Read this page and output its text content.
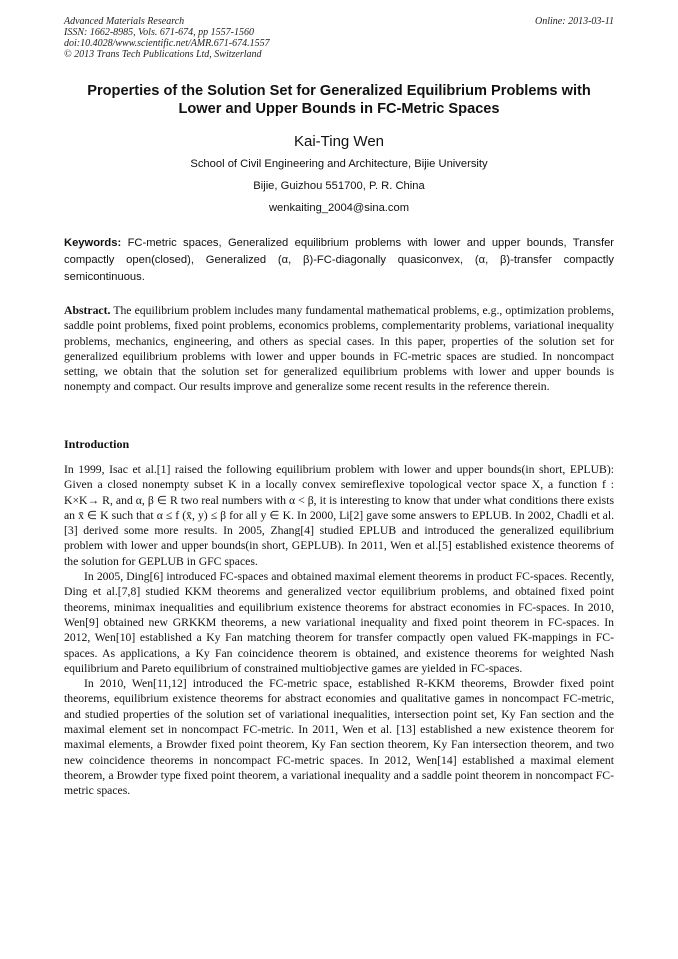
Advanced Materials Research
ISSN: 1662-8985, Vols. 671-674, pp 1557-1560
doi:10.4028/www.scientific.net/AMR.671-674.1557
© 2013 Trans Tech Publications Ltd, Switzerland
Online: 2013-03-11
Properties of the Solution Set for Generalized Equilibrium Problems with
Lower and Upper Bounds in FC-Metric Spaces
Kai-Ting Wen
School of Civil Engineering and Architecture, Bijie University
Bijie, Guizhou 551700, P. R. China
wenkaiting_2004@sina.com
Keywords: FC-metric spaces, Generalized equilibrium problems with lower and upper bounds, Transfer compactly open(closed), Generalized (α, β)-FC-diagonally quasiconvex, (α, β)-transfer compactly semicontinuous.
Abstract. The equilibrium problem includes many fundamental mathematical problems, e.g., optimization problems, saddle point problems, fixed point problems, economics problems, complementarity problems, variational inequality problems, mechanics, engineering, and others as special cases. In this paper, properties of the solution set for generalized equilibrium problems with lower and upper bounds in FC-metric spaces are studied. In noncompact setting, we obtain that the solution set for generalized equilibrium problems with lower and upper bounds is nonempty and compact. Our results improve and generalize some recent results in the reference therein.
Introduction

In 1999, Isac et al.[1] raised the following equilibrium problem with lower and upper bounds(in short, EPLUB): Given a closed nonempty subset K in a locally convex semireflexive topological vector space X, a function f : K×K→ R, and α, β ∈ R two real numbers with α < β, it is interesting to know that under what conditions there exists an x̄ ∈ K such that α ≤ f (x̄, y) ≤ β for all y ∈ K. In 2000, Li[2] gave some answers to EPLUB. In 2002, Chadli et al.[3] derived some more results. In 2005, Zhang[4] studied EPLUB and introduced the generalized equilibrium problem with lower and upper bounds(in short, GEPLUB). In 2011, Wen et al.[5] established existence theorems of the solution for GEPLUB in GFC spaces.

In 2005, Ding[6] introduced FC-spaces and obtained maximal element theorems in product FC-spaces. Recently, Ding et al.[7,8] studied KKM theorems and generalized vector equilibrium problems, and obtained fixed point theorems, minimax inequalities and equilibrium existence theorems for abstract economies in FC-spaces. In 2010, Wen[9] obtained new GRKKM theorems, a new variational inequality and fixed point theorem in FC-spaces. In 2012, Wen[10] established a Ky Fan matching theorem for transfer compactly open valued FK-mappings in FC-spaces. As applications, a Ky Fan coincidence theorem is obtained, and existence theorems for weighted Nash equilibrium and Pareto equilibrium of constrained multiobjective games are yielded in FC-spaces.

In 2010, Wen[11,12] introduced the FC-metric space, established R-KKM theorems, Browder fixed point theorems, equilibrium existence theorems for abstract economies and qualitative games in noncompact FC-metric, and studied properties of the solution set of variational inequalities, intersection point set, Ky Fan section and the maximal element set in noncompact FC-metric. In 2011, Wen et al. [13] established a new existence theorem for maximal elements, a Browder fixed point theorem, Ky Fan section theorem, Ky Fan intersection theorem, and two new coincidence theorems in noncompact FC-metric spaces. In 2012, Wen[14] established a maximal element theorem, a Browder type fixed point theorem, a variational inequality and a saddle point theorem in noncompact FC-metric spaces.
